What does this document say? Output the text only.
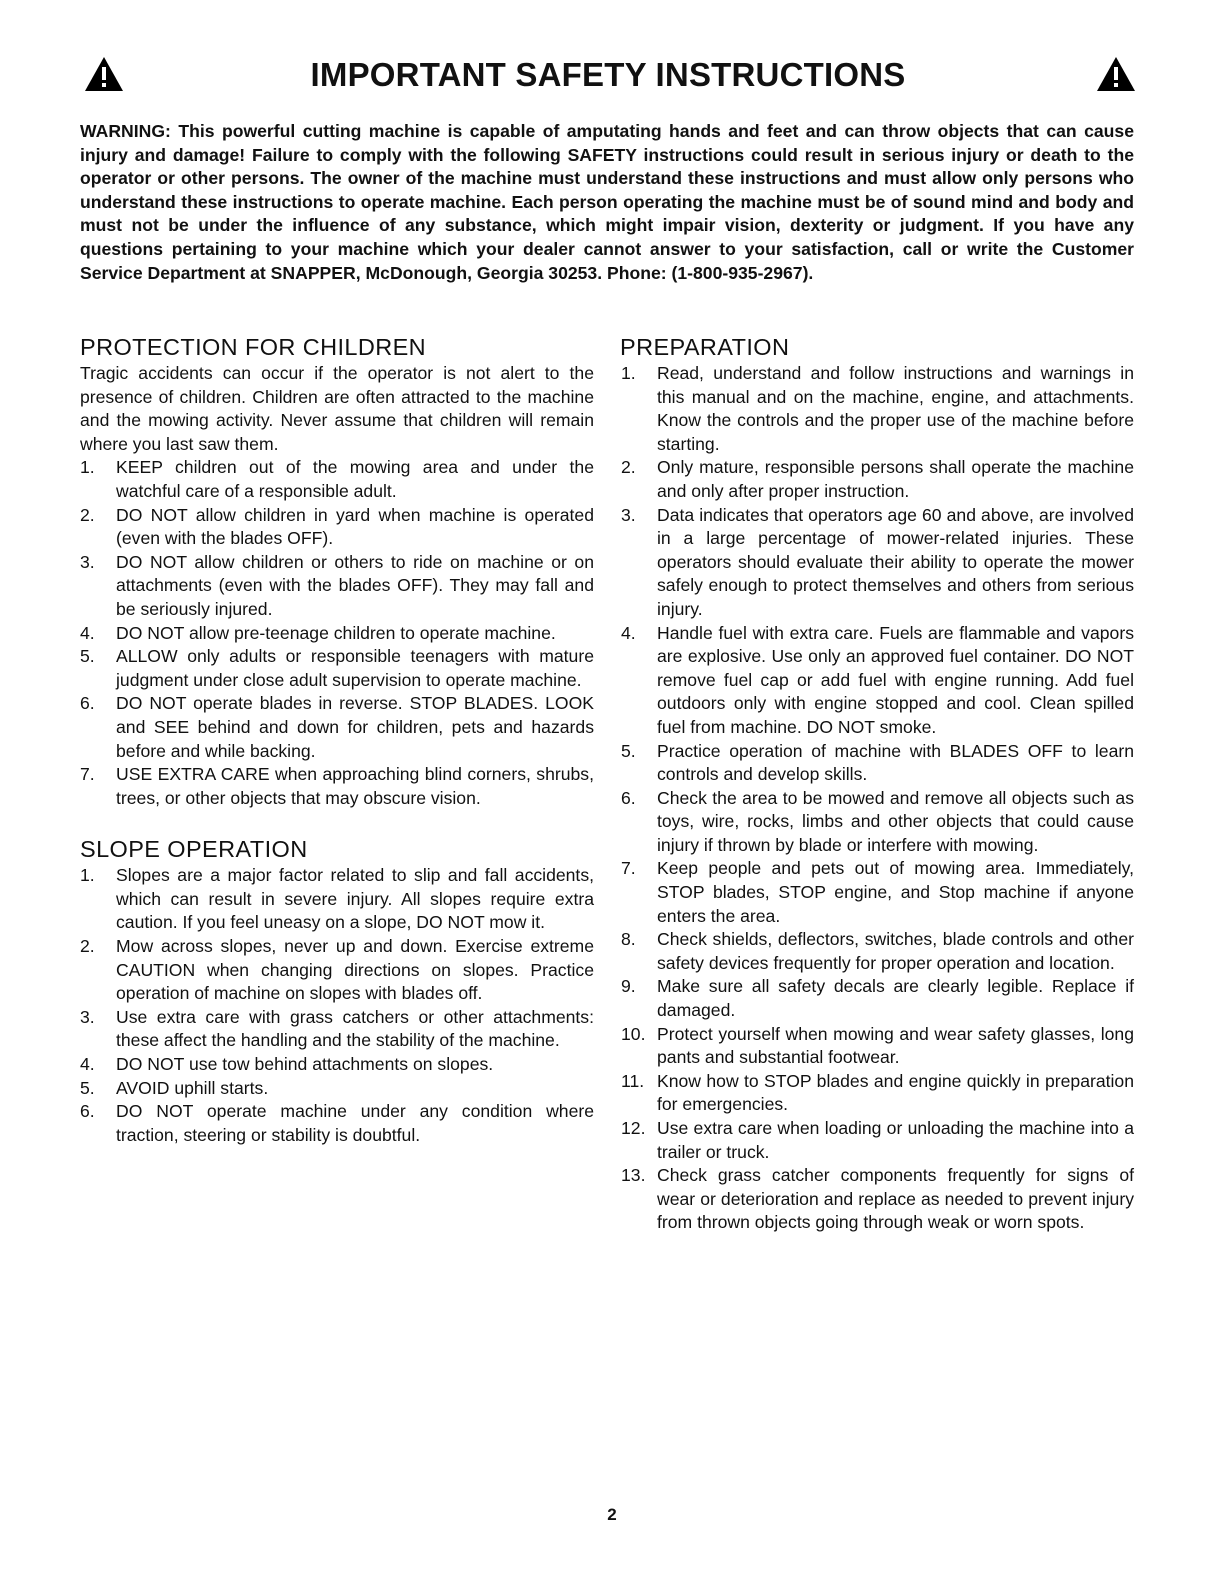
IMPORTANT SAFETY INSTRUCTIONS

WARNING: This powerful cutting machine is capable of amputating hands and feet and can throw objects that can cause injury and damage! Failure to comply with the following SAFETY instructions could result in serious injury or death to the operator or other persons. The owner of the machine must understand these instructions and must allow only persons who understand these instructions to operate machine. Each person operating the machine must be of sound mind and body and must not be under the influence of any substance, which might impair vision, dexterity or judgment. If you have any questions pertaining to your machine which your dealer cannot answer to your satisfaction, call or write the Customer Service Department at SNAPPER, McDonough, Georgia 30253. Phone: (1-800-935-2967).

PROTECTION FOR CHILDREN

Tragic accidents can occur if the operator is not alert to the presence of children. Children are often attracted to the machine and the mowing activity. Never assume that children will remain where you last saw them.

1.	KEEP children out of the mowing area and under the watchful care of a responsible adult.
2.	DO NOT allow children in yard when machine is operated (even with the blades OFF).
3.	DO NOT allow children or others to ride on machine or on attachments (even with the blades OFF). They may fall and be seriously injured.
4.	DO NOT allow pre-teenage children to operate machine.
5.	ALLOW only adults or responsible teenagers with mature judgment under close adult supervision to operate machine.
6.	DO NOT operate blades in reverse. STOP BLADES. LOOK and SEE behind and down for children, pets and hazards before and while backing.
7.	USE EXTRA CARE when approaching blind corners, shrubs, trees, or other objects that may obscure vision.
SLOPE OPERATION
1.	Slopes are a major factor related to slip and fall accidents, which can result in severe injury. All slopes require extra caution. If you feel uneasy on a slope, DO NOT mow it.
2.	Mow across slopes, never up and down. Exercise extreme CAUTION when changing directions on slopes. Practice operation of machine on slopes with blades off.
3.	Use extra care with grass catchers or other attachments: these affect the handling and the stability of the machine.
4.	DO NOT use tow behind attachments on slopes.
5.	AVOID uphill starts.
6.	DO NOT operate machine under any condition where traction, steering or stability is doubtful.
PREPARATION
1.	Read, understand and follow instructions and warnings in this manual and on the machine, engine, and attachments. Know the controls and the proper use of the machine before starting.
2.	Only mature, responsible persons shall operate the machine and only after proper instruction.
3.	Data indicates that operators age 60 and above, are involved in a large percentage of mower-related injuries. These operators should evaluate their ability to operate the mower safely enough to protect themselves and others from serious injury.
4.	Handle fuel with extra care. Fuels are flammable and vapors are explosive. Use only an approved fuel container. DO NOT remove fuel cap or add fuel with engine running. Add fuel outdoors only with engine stopped and cool. Clean spilled fuel from machine. DO NOT smoke.
5.	Practice operation of machine with BLADES OFF to learn controls and develop skills.
6.	Check the area to be mowed and remove all objects such as toys, wire, rocks, limbs and other objects that could cause injury if thrown by blade or interfere with mowing.
7.	Keep people and pets out of mowing area. Immediately, STOP blades, STOP engine, and Stop machine if anyone enters the area.
8.	Check shields, deflectors, switches, blade controls and other safety devices frequently for proper operation and location.
9.	Make sure all safety decals are clearly legible. Replace if damaged.
10. Protect yourself when mowing and wear safety glasses, long pants and substantial footwear.
11. Know how to STOP blades and engine quickly in preparation for emergencies.
12. Use extra care when loading or unloading the machine into a trailer or truck.
13. Check grass catcher components frequently for signs of wear or deterioration and replace as needed to prevent injury from thrown objects going through weak or worn spots.
2
